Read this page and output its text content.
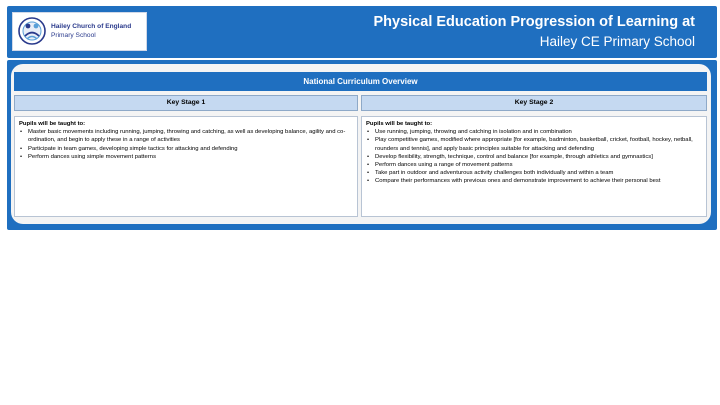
Hailey Church of England
Primary School
Physical Education Progression of Learning at
Hailey CE Primary School
National Curriculum Overview
Key Stage 1	Key Stage 2
Pupils will be taught to:
• Master basic movements including running, jumping, throwing and catching, as well as developing balance, agility and co-ordination, and begin to apply these in a range of activities
• Participate in team games, developing simple tactics for attacking and defending
• Perform dances using simple movement patterns
Pupils will be taught to:
• Use running, jumping, throwing and catching in isolation and in combination
• Play competitive games, modified where appropriate [for example, badminton, basketball, cricket, football, hockey, netball, rounders and tennis], and apply basic principles suitable for attacking and defending
• Develop flexibility, strength, technique, control and balance [for example, through athletics and gymnastics]
• Perform dances using a range of movement patterns
• Take part in outdoor and adventurous activity challenges both individually and within a team
• Compare their performances with previous ones and demonstrate improvement to achieve their personal best
